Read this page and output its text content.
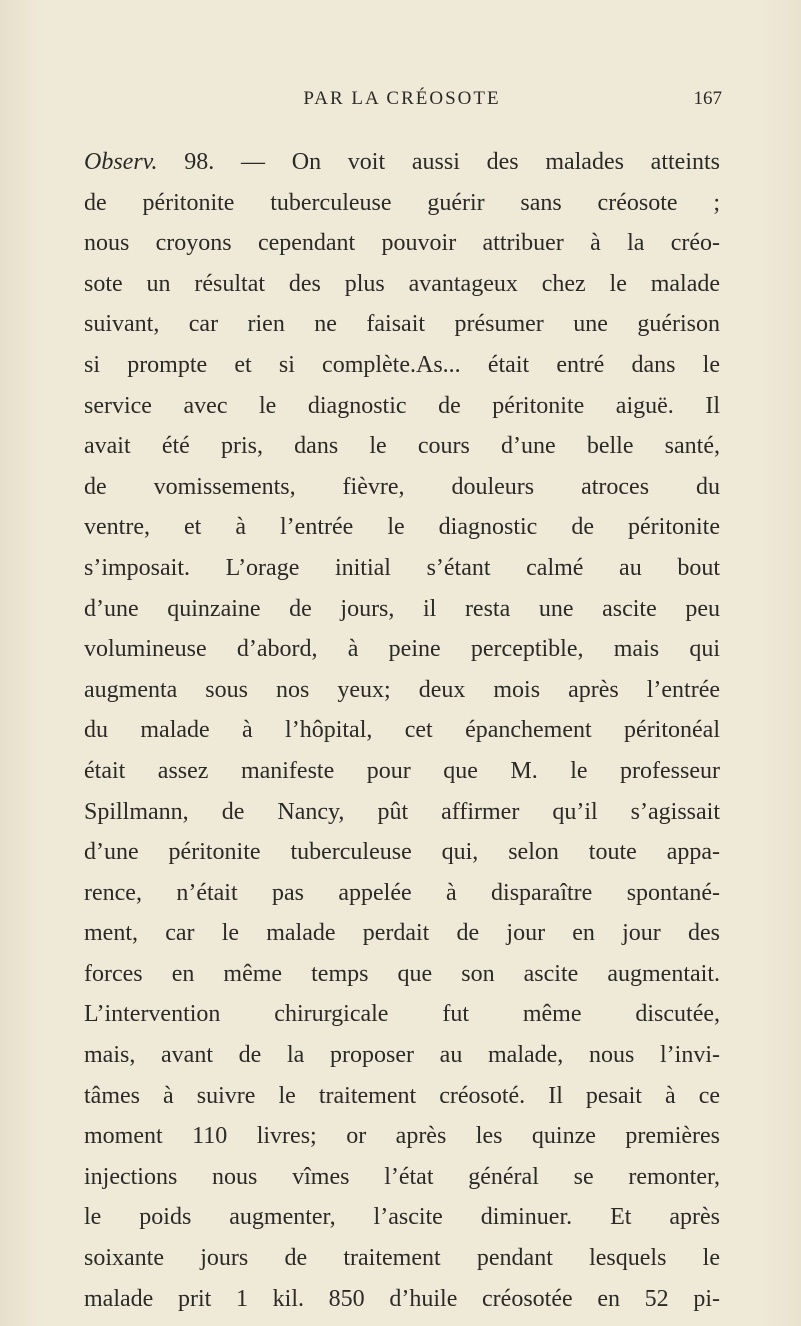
PAR LA CRÉOSOTE	167
Observ. 98. — On voit aussi des malades atteints
de péritonite tuberculeuse guérir sans créosote ;
nous croyons cependant pouvoir attribuer à la créo-
sote un résultat des plus avantageux chez le malade
suivant, car rien ne faisait présumer une guérison
si prompte et si complète.As... était entré dans le
service avec le diagnostic de péritonite aiguë. Il
avait été pris, dans le cours d’une belle santé,
de vomissements, fièvre, douleurs atroces du
ventre, et à l’entrée le diagnostic de péritonite
s’imposait. L’orage initial s’étant calmé au bout
d’une quinzaine de jours, il resta une ascite peu
volumineuse d’abord, à peine perceptible, mais qui
augmenta sous nos yeux; deux mois après l’entrée
du malade à l’hôpital, cet épanchement péritonéal
était assez manifeste pour que M. le professeur
Spillmann, de Nancy, pût affirmer qu’il s’agissait
d’une péritonite tuberculeuse qui, selon toute appa-
rence, n’était pas appelée à disparaître spontané-
ment, car le malade perdait de jour en jour des
forces en même temps que son ascite augmentait.
L’intervention chirurgicale fut même discutée,
mais, avant de la proposer au malade, nous l’invi-
tâmes à suivre le traitement créosoté. Il pesait à ce
moment 110 livres; or après les quinze premières
injections nous vîmes l’état général se remonter,
le poids augmenter, l’ascite diminuer. Et après
soixante jours de traitement pendant lesquels le
malade prit 1 kil. 850 d’huile créosotée en 52 pi-
